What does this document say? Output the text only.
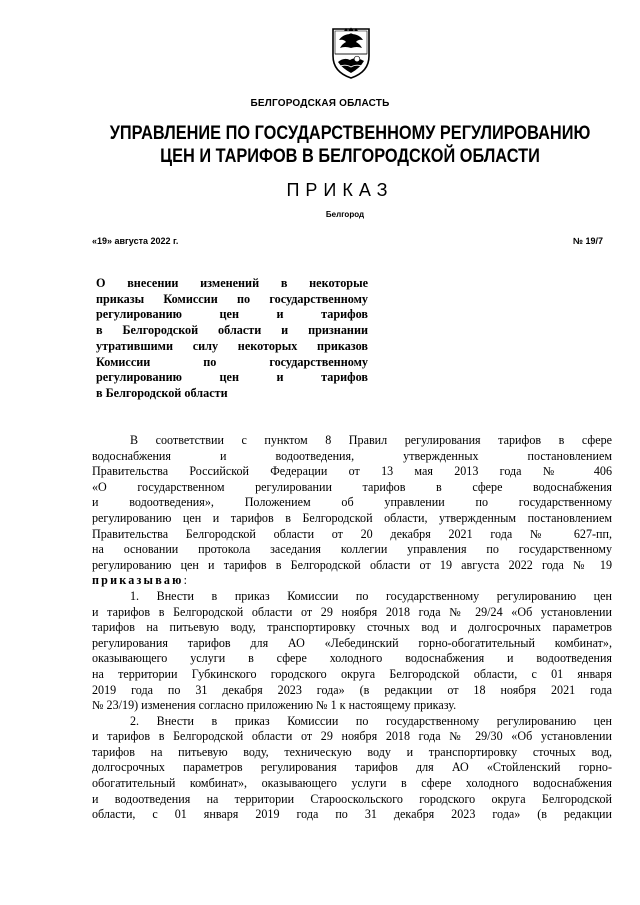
БЕЛГОРОДСКАЯ ОБЛАСТЬ
УПРАВЛЕНИЕ ПО ГОСУДАРСТВЕННОМУ РЕГУЛИРОВАНИЮ
ЦЕН И ТАРИФОВ В БЕЛГОРОДСКОЙ ОБЛАСТИ
ПРИКАЗ
Белгород
«19» августа 2022 г.	№ 19/7
О внесении изменений в некоторые
приказы Комиссии по государственному
регулированию цен и тарифов
в Белгородской области и признании
утратившими силу некоторых приказов
Комиссии по государственному
регулированию цен и тарифов
в Белгородской области
В соответствии с пунктом 8 Правил регулирования тарифов в сфере
водоснабжения и водоотведения, утвержденных постановлением
Правительства Российской Федерации от 13 мая 2013 года № 406
«О государственном регулировании тарифов в сфере водоснабжения
и водоотведения», Положением об управлении по государственному
регулированию цен и тарифов в Белгородской области, утвержденным постановлением
Правительства Белгородской области от 20 декабря 2021 года № 627-пп,
на основании протокола заседания коллегии управления по государственному
регулированию цен и тарифов в Белгородской области от 19 августа 2022 года № 19
приказываю:
1. Внести в приказ Комиссии по государственному регулированию цен
и тарифов в Белгородской области от 29 ноября 2018 года № 29/24 «Об установлении
тарифов на питьевую воду, транспортировку сточных вод и долгосрочных параметров
регулирования тарифов для АО «Лебединский горно-обогатительный комбинат»,
оказывающего услуги в сфере холодного водоснабжения и водоотведения
на территории Губкинского городского округа Белгородской области, с 01 января
2019 года по 31 декабря 2023 года» (в редакции от 18 ноября 2021 года
№ 23/19) изменения согласно приложению № 1 к настоящему приказу.
2. Внести в приказ Комиссии по государственному регулированию цен
и тарифов в Белгородской области от 29 ноября 2018 года № 29/30 «Об установлении
тарифов на питьевую воду, техническую воду и транспортировку сточных вод,
долгосрочных параметров регулирования тарифов для АО «Стойленский горно-
обогатительный комбинат», оказывающего услуги в сфере холодного водоснабжения
и водоотведения на территории Старооскольского городского округа Белгородской
области, с 01 января 2019 года по 31 декабря 2023 года» (в редакции
